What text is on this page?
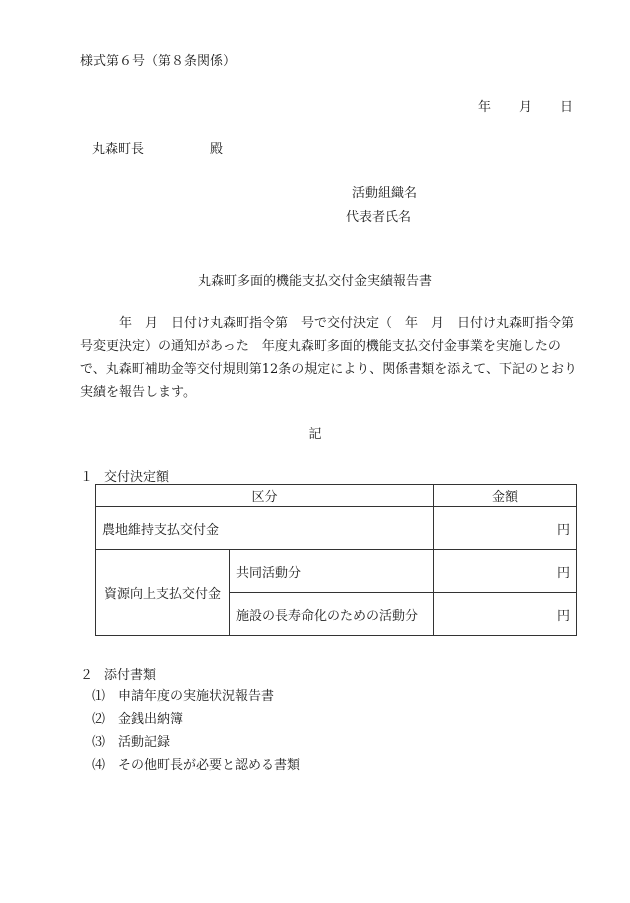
様式第６号（第８条関係）
年 月 日
丸森町長	殿
活動組織名
代表者氏名
丸森町多面的機能支払交付金実績報告書
年　月　日付け丸森町指令第　号で交付決定（　年　月　日付け丸森町指令第号変更決定）の通知があった　年度丸森町多面的機能支払交付金事業を実施したので、丸森町補助金等交付規則第12条の規定により、関係書類を添えて、下記のとおり実績を報告します。
記
１ 交付決定額
区分		金額
農地維持支払交付金		円
資源向上支払交付金	共同活動分	円
	施設の長寿命化のための活動分	円
２ 添付書類
⑴ 申請年度の実施状況報告書
⑵ 金銭出納簿
⑶ 活動記録
⑷ その他町長が必要と認める書類
